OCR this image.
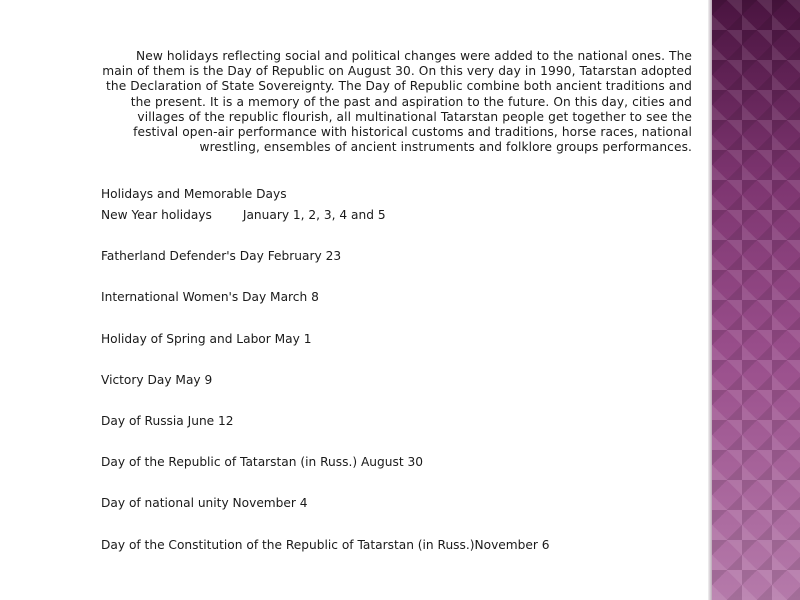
New holidays reflecting social and political changes were added to the national ones. The main of them is the Day of Republic on August 30. On this very day in 1990, Tatarstan adopted the Declaration of State Sovereignty. The Day of Republic combine both ancient traditions and the present. It is a memory of the past and aspiration to the future. On this day, cities and villages of the republic flourish, all multinational Tatarstan people get together to see the festival open-air performance with historical customs and traditions, horse races, national wrestling, ensembles of ancient instruments and folklore groups performances.

Holidays and Memorable Days

New Year holidays        January 1, 2, 3, 4 and 5
Fatherland Defender's Day February 23
International Women's Day March 8
Holiday of Spring and Labor May 1
Victory Day May 9
Day of Russia June 12
Day of the Republic of Tatarstan (in Russ.) August 30
Day of national unity November 4
Day of the Constitution of the Republic of Tatarstan (in Russ.)November 6
